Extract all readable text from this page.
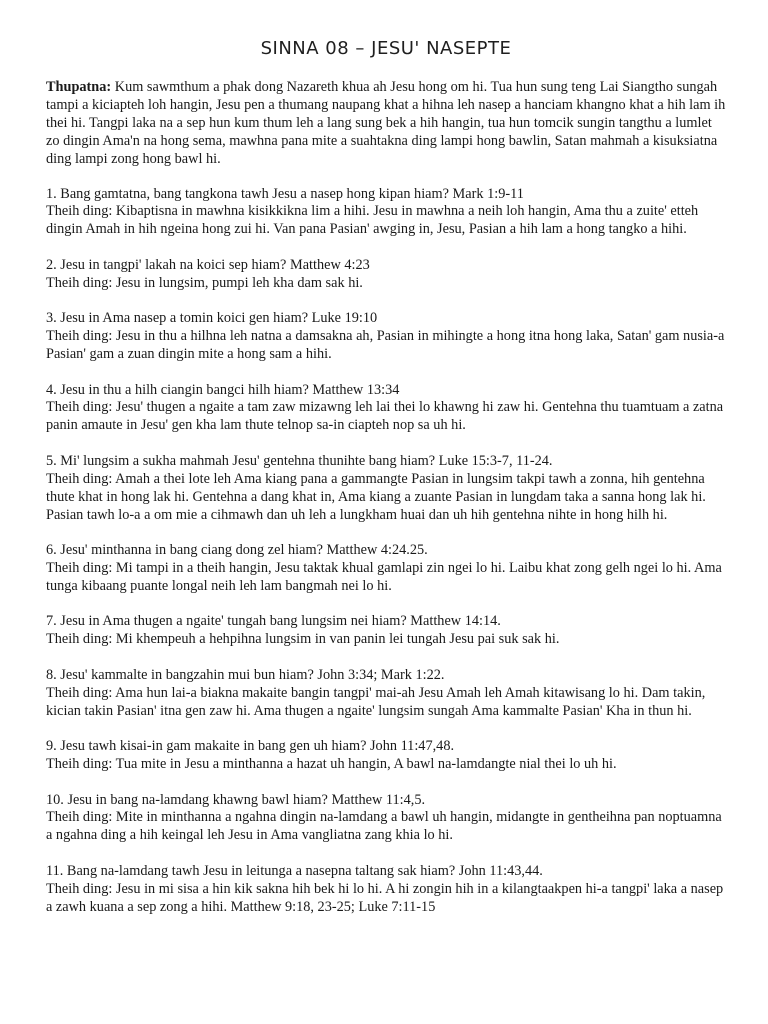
SINNA 08 – JESU' NASEPTE

Thupatna: Kum sawmthum a phak dong Nazareth khua ah Jesu hong om hi. Tua hun sung teng Lai Siangtho sungah tampi a kiciapteh loh hangin, Jesu pen a thumang naupang khat a hihna leh nasep a hanciam khangno khat a hih lam ih thei hi. Tangpi laka na a sep hun kum thum leh a lang sung bek a hih hangin, tua hun tomcik sungin tangthu a lumlet zo dingin Ama'n na hong sema, mawhna pana mite a suahtakna ding lampi hong bawlin, Satan mahmah a kisuksiatna ding lampi zong hong bawl hi.

1. Bang gamtatna, bang tangkona tawh Jesu a nasep hong kipan hiam? Mark 1:9-11

Theih ding: Kibaptisna in mawhna kisikkikna lim a hihi. Jesu in mawhna a neih loh hangin, Ama thu a zuite' etteh dingin Amah in hih ngeina hong zui hi. Van pana Pasian' awging in, Jesu, Pasian a hih lam a hong tangko a hihi.

2. Jesu in tangpi' lakah na koici sep hiam? Matthew 4:23

Theih ding: Jesu in lungsim, pumpi leh kha dam sak hi.

3. Jesu in Ama nasep a tomin koici gen hiam? Luke 19:10

Theih ding: Jesu in thu a hilhna leh natna a damsakna ah, Pasian in mihingte a hong itna hong laka, Satan' gam nusia-a Pasian' gam a zuan dingin mite a hong sam a hihi.

4. Jesu in thu a hilh ciangin bangci hilh hiam? Matthew 13:34

Theih ding: Jesu' thugen a ngaite a tam zaw mizawng leh lai thei lo khawng hi zaw hi. Gentehna thu tuamtuam a zatna panin amaute in Jesu' gen kha lam thute telnop sa-in ciapteh nop sa uh hi.

5. Mi' lungsim a sukha mahmah Jesu' gentehna thunihte bang hiam? Luke 15:3-7, 11-24.

Theih ding: Amah a thei lote leh Ama kiang pana a gammangte Pasian in lungsim takpi tawh a zonna, hih gentehna thute khat in hong lak hi. Gentehna a dang khat in, Ama kiang a zuante Pasian in lungdam taka a sanna hong lak hi. Pasian tawh lo-a a om mie a cihmawh dan uh leh a lungkham huai dan uh hih gentehna nihte in hong hilh hi.

6. Jesu' minthanna in bang ciang dong zel hiam? Matthew 4:24.25.

Theih ding: Mi tampi in a theih hangin, Jesu taktak khual gamlapi zin ngei lo hi. Laibu khat zong gelh ngei lo hi. Ama tunga kibaang puante longal neih leh lam bangmah nei lo hi.

7. Jesu in Ama thugen a ngaite' tungah bang lungsim nei hiam? Matthew 14:14.

Theih ding: Mi khempeuh a hehpihna lungsim in van panin lei tungah Jesu pai suk sak hi.

8. Jesu' kammalte in bangzahin mui bun hiam? John 3:34; Mark 1:22.

Theih ding: Ama hun lai-a biakna makaite bangin tangpi' mai-ah Jesu Amah leh Amah kitawisang lo hi. Dam takin, kician takin Pasian' itna gen zaw hi. Ama thugen a ngaite' lungsim sungah Ama kammalte Pasian' Kha in thun hi.

9. Jesu tawh kisai-in gam makaite in bang gen uh hiam? John 11:47,48.

Theih ding: Tua mite in Jesu a minthanna a hazat uh hangin, A bawl na-lamdangte nial thei lo uh hi.

10. Jesu in bang na-lamdang khawng bawl hiam? Matthew 11:4,5.

Theih ding: Mite in minthanna a ngahna dingin na-lamdang a bawl uh hangin, midangte in gentheihna pan noptuamna a ngahna ding a hih keingal leh Jesu in Ama vangliatna zang khia lo hi.

11. Bang na-lamdang tawh Jesu in leitunga a nasepna taltang sak hiam? John 11:43,44.

Theih ding: Jesu in mi sisa a hin kik sakna hih bek hi lo hi. A hi zongin hih in a kilangtaakpen hi-a tangpi' laka a nasep a zawh kuana a sep zong a hihi. Matthew 9:18, 23-25; Luke 7:11-15
